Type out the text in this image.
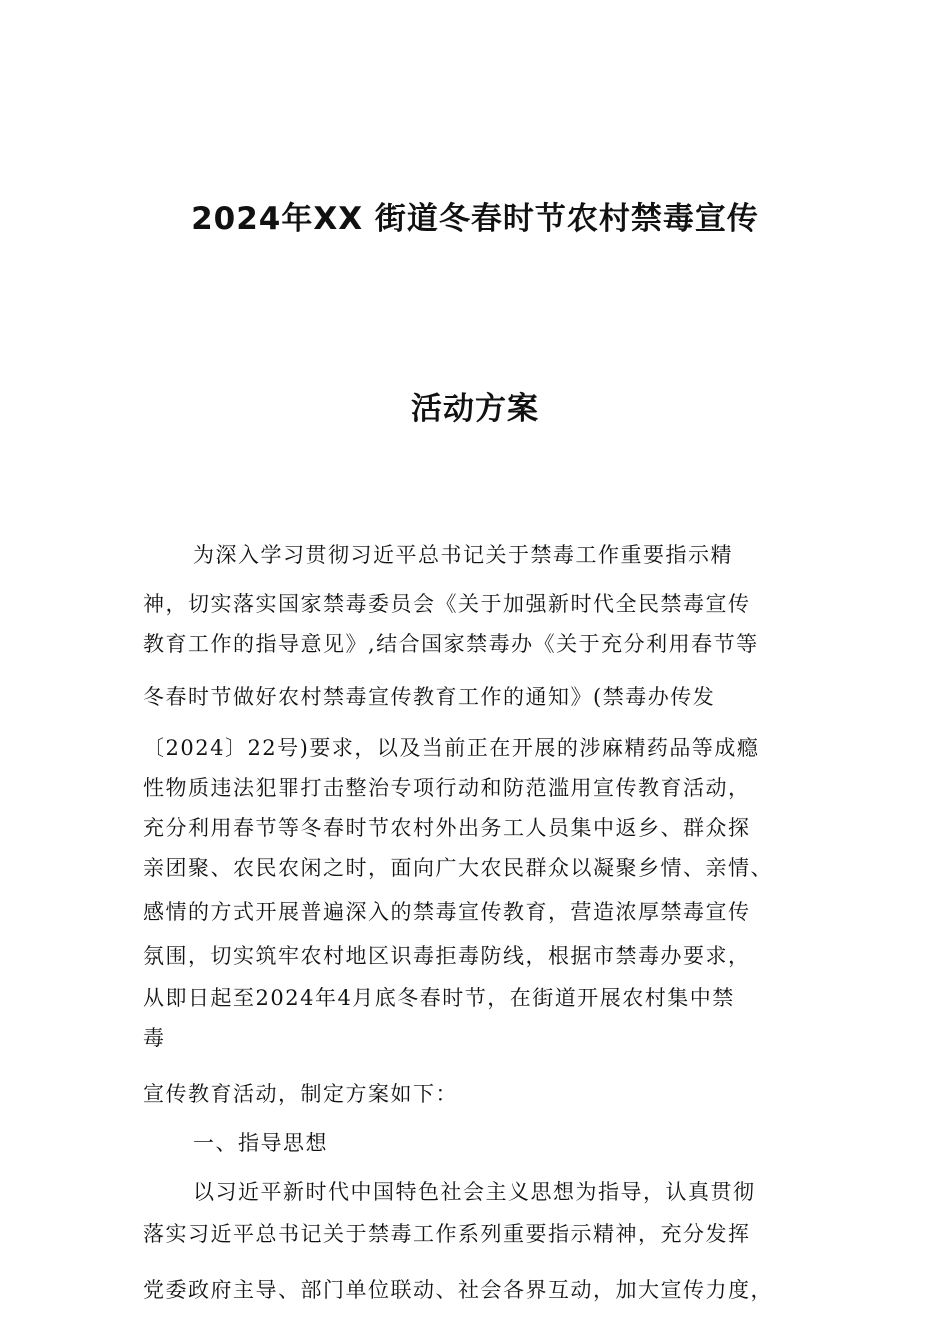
2024年XX 街道冬春时节农村禁毒宣传
活动方案
为深入学习贯彻习近平总书记关于禁毒工作重要指示精
神，切实落实国家禁毒委员会《关于加强新时代全民禁毒宣传
教育工作的指导意见》,结合国家禁毒办《关于充分利用春节等
冬春时节做好农村禁毒宣传教育工作的通知》(禁毒办传发
〔2024〕22号)要求，以及当前正在开展的涉麻精药品等成瘾
性物质违法犯罪打击整治专项行动和防范滥用宣传教育活动，
充分利用春节等冬春时节农村外出务工人员集中返乡、群众探
亲团聚、农民农闲之时，面向广大农民群众以凝聚乡情、亲情、
感情的方式开展普遍深入的禁毒宣传教育，营造浓厚禁毒宣传
氛围，切实筑牢农村地区识毒拒毒防线，根据市禁毒办要求，
从即日起至2024年4月底冬春时节，在街道开展农村集中禁
毒
宣传教育活动，制定方案如下：
一、指导思想
以习近平新时代中国特色社会主义思想为指导，认真贯彻
落实习近平总书记关于禁毒工作系列重要指示精神，充分发挥
党委政府主导、部门单位联动、社会各界互动，加大宣传力度，
